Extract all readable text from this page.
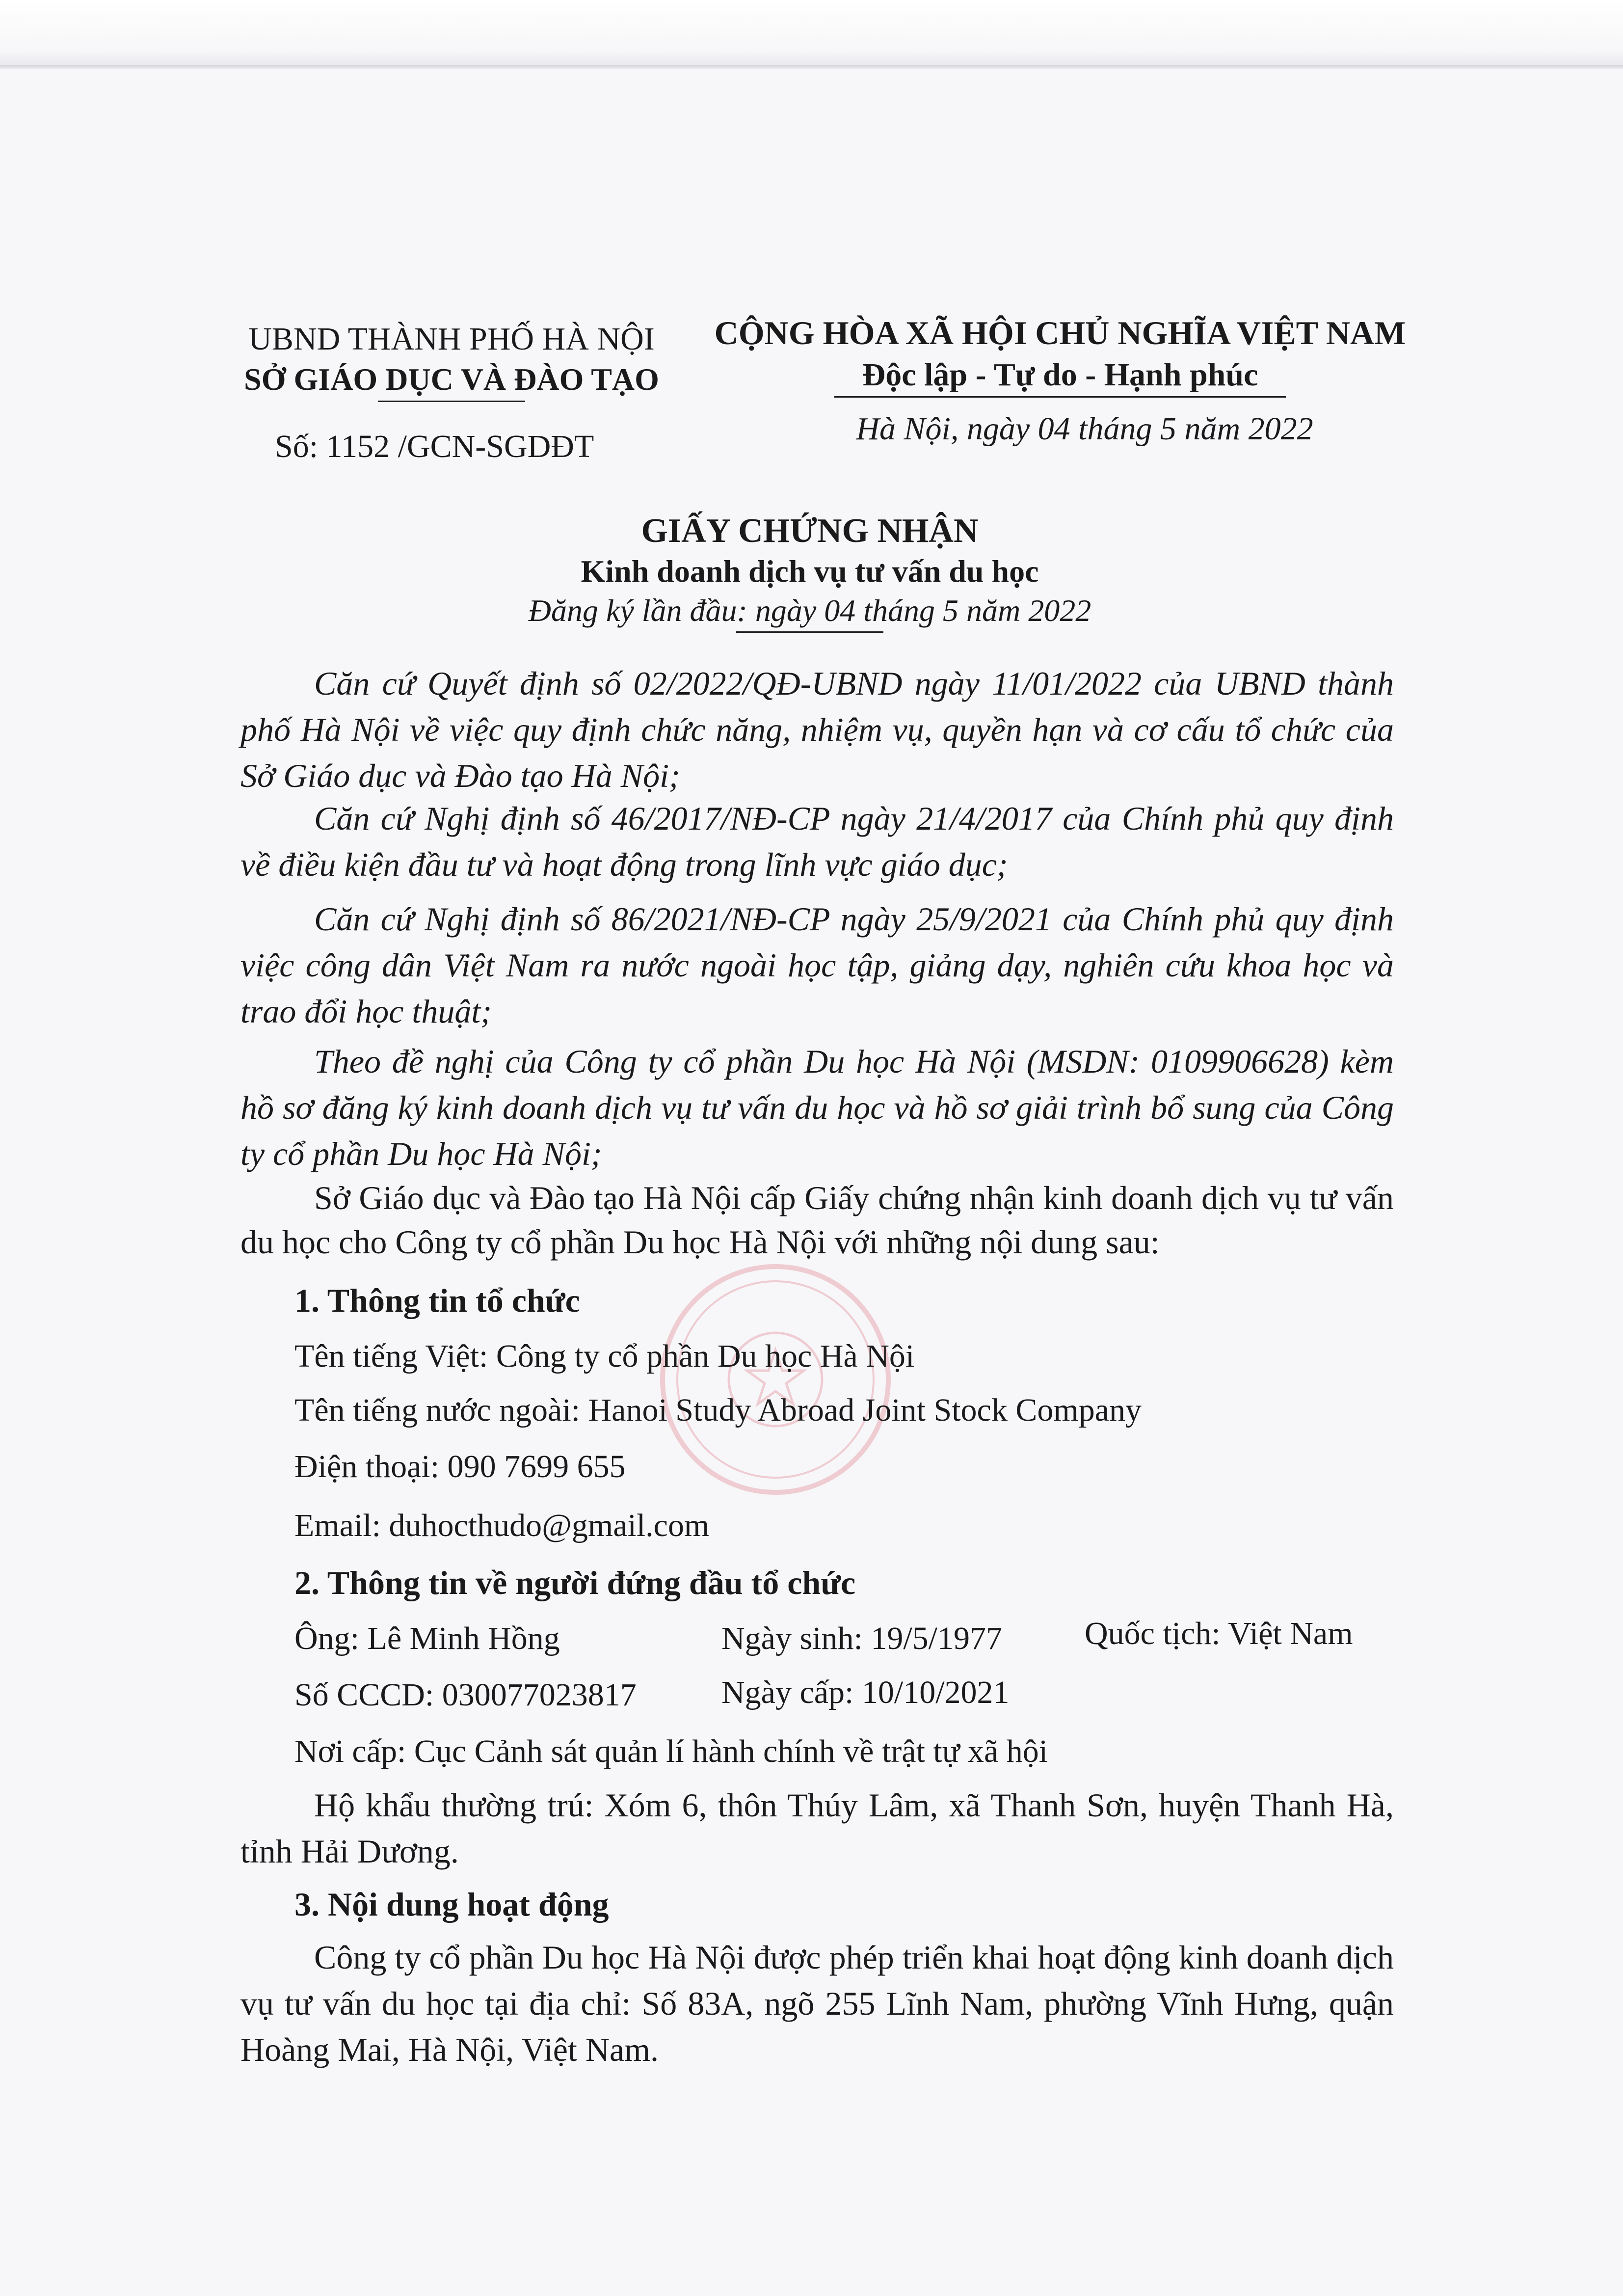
UBND THÀNH PHỐ HÀ NỘI
SỞ GIÁO DỤC VÀ ĐÀO TẠO
CỘNG HÒA XÃ HỘI CHỦ NGHĨA VIỆT NAM
Độc lập - Tự do - Hạnh phúc
Số: 1152 /GCN-SGDĐT	Hà Nội, ngày 04 tháng 5 năm 2022
GIẤY CHỨNG NHẬN
Kinh doanh dịch vụ tư vấn du học
Đăng ký lần đầu: ngày 04 tháng 5 năm 2022
Căn cứ Quyết định số 02/2022/QĐ-UBND ngày 11/01/2022 của UBND thành phố Hà Nội về việc quy định chức năng, nhiệm vụ, quyền hạn và cơ cấu tổ chức của Sở Giáo dục và Đào tạo Hà Nội;
Căn cứ Nghị định số 46/2017/NĐ-CP ngày 21/4/2017 của Chính phủ quy định về điều kiện đầu tư và hoạt động trong lĩnh vực giáo dục;
Căn cứ Nghị định số 86/2021/NĐ-CP ngày 25/9/2021 của Chính phủ quy định việc công dân Việt Nam ra nước ngoài học tập, giảng dạy, nghiên cứu khoa học và trao đổi học thuật;
Theo đề nghị của Công ty cổ phần Du học Hà Nội (MSDN: 0109906628) kèm hồ sơ đăng ký kinh doanh dịch vụ tư vấn du học và hồ sơ giải trình bổ sung của Công ty cổ phần Du học Hà Nội;
Sở Giáo dục và Đào tạo Hà Nội cấp Giấy chứng nhận kinh doanh dịch vụ tư vấn du học cho Công ty cổ phần Du học Hà Nội với những nội dung sau:
1. Thông tin tổ chức
Tên tiếng Việt: Công ty cổ phần Du học Hà Nội
Tên tiếng nước ngoài: Hanoi Study Abroad Joint Stock Company
Điện thoại: 090 7699 655
Email: duhocthudo@gmail.com
2. Thông tin về người đứng đầu tổ chức
Ông: Lê Minh Hồng	Ngày sinh: 19/5/1977	Quốc tịch: Việt Nam
Số CCCD: 030077023817	Ngày cấp: 10/10/2021
Nơi cấp: Cục Cảnh sát quản lí hành chính về trật tự xã hội
Hộ khẩu thường trú: Xóm 6, thôn Thúy Lâm, xã Thanh Sơn, huyện Thanh Hà, tỉnh Hải Dương.
3. Nội dung hoạt động
Công ty cổ phần Du học Hà Nội được phép triển khai hoạt động kinh doanh dịch vụ tư vấn du học tại địa chỉ: Số 83A, ngõ 255 Lĩnh Nam, phường Vĩnh Hưng, quận Hoàng Mai, Hà Nội, Việt Nam.
